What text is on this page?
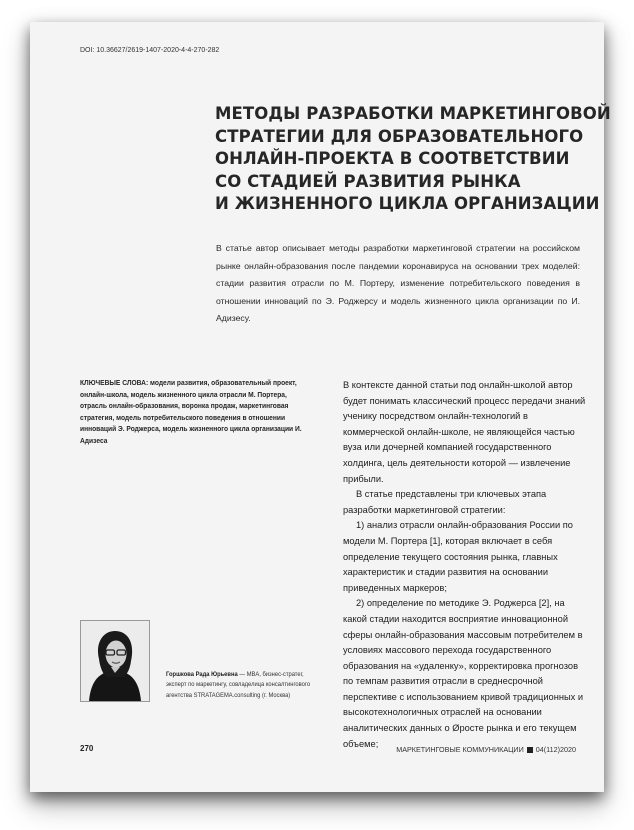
DOI: 10.36627/2619-1407-2020-4-4-270-282
МЕТОДЫ РАЗРАБОТКИ МАРКЕТИНГОВОЙ
СТРАТЕГИИ ДЛЯ ОБРАЗОВАТЕЛЬНОГО
ОНЛАЙН-ПРОЕКТА В СООТВЕТСТВИИ
СО СТАДИЕЙ РАЗВИТИЯ РЫНКА
И ЖИЗНЕННОГО ЦИКЛА ОРГАНИЗАЦИИ
В статье автор описывает методы разработки маркетинговой стратегии на российском рынке онлайн-образования после пандемии коронавируса на основании трех моделей: стадии развития отрасли по М. Портеру, изменение потребительского поведения в отношении инноваций по Э. Роджерсу и модель жизненного цикла организации по И. Адизесу.
КЛЮЧЕВЫЕ СЛОВА: модели развития, образовательный проект, онлайн-школа, модель жизненного цикла отрасли М. Портера, отрасль онлайн-образования, воронка продаж, маркетинговая стратегия, модель потребительского поведения в отношении инноваций Э. Роджерса, модель жизненного цикла организации И. Адизеса

В контексте данной статьи под онлайн-школой автор будет понимать классический процесс передачи знаний ученику посредством онлайн-технологий в коммерческой онлайн-школе, не являющейся частью вуза или дочерней компанией государственного холдинга, цель деятельности которой — извлечение прибыли.

В статье представлены три ключевых этапа разработки маркетинговой стратегии:

1) анализ отрасли онлайн-образования России по модели М. Портера [1], которая включает в себя определение текущего состояния рынка, главных характеристик и стадии развития на основании приведенных маркеров;

2) определение по методике Э. Роджерса [2], на какой стадии находится восприятие инновационной сферы онлайн-образования массовым потребителем в условиях массового перехода государственного образования на «удаленку», корректировка прогнозов по темпам развития отрасли в среднесрочной перспективе с использованием кривой традиционных и высокотехнологичных отраслей на основании аналитических данных о Øросте рынка и его текущем объеме;

Горшкова Рада Юрьевна — MBA, бизнес-стратег, эксперт по маркетингу, совладелица консалтингового агентства STRATAGEMA.consulting (г. Москва)
270	МАРКЕТИНГОВЫЕ КОММУНИКАЦИИ 04(112)2020
